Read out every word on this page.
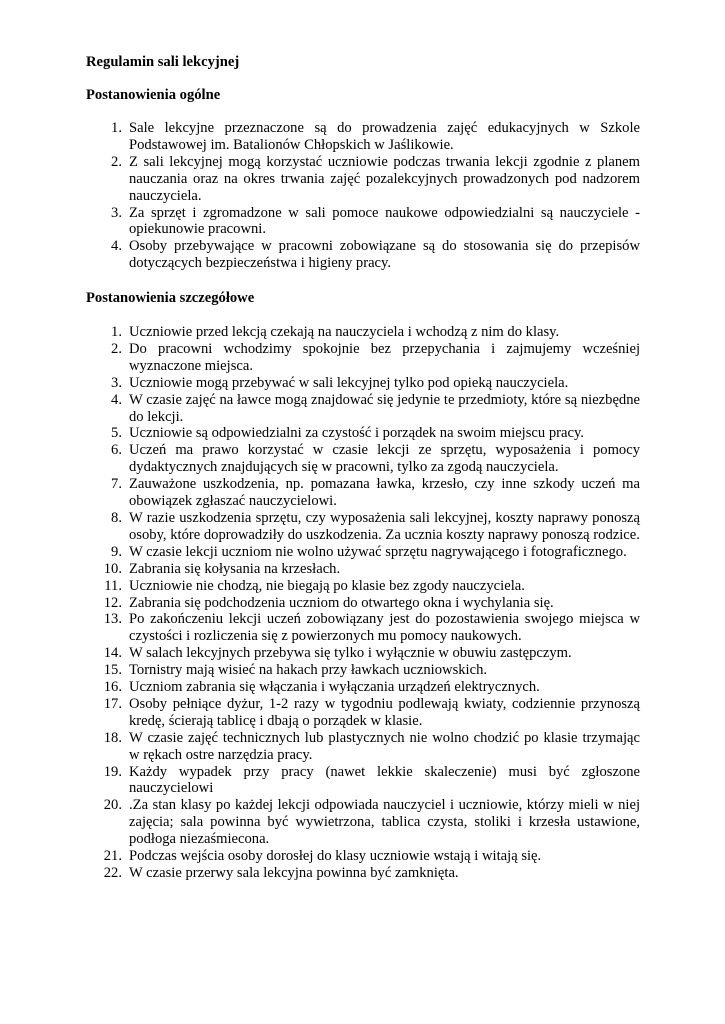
Regulamin sali lekcyjnej
Postanowienia ogólne
1. Sale lekcyjne przeznaczone są do prowadzenia zajęć edukacyjnych w Szkole Podstawowej im. Batalionów Chłopskich w Jaślikowie.
2. Z sali lekcyjnej mogą korzystać uczniowie podczas trwania lekcji zgodnie z planem nauczania oraz na okres trwania zajęć pozalekcyjnych prowadzonych pod nadzorem nauczyciela.
3. Za sprzęt i zgromadzone w sali pomoce naukowe odpowiedzialni są nauczyciele - opiekunowie pracowni.
4. Osoby przebywające w pracowni zobowiązane są do stosowania się do przepisów dotyczących bezpieczeństwa i higieny pracy.
Postanowienia szczegółowe
1. Uczniowie przed lekcją czekają na nauczyciela i wchodzą z nim do klasy.
2. Do pracowni wchodzimy spokojnie bez przepychania i zajmujemy wcześniej wyznaczone miejsca.
3. Uczniowie mogą przebywać w sali lekcyjnej tylko pod opieką nauczyciela.
4. W czasie zajęć na ławce mogą znajdować się jedynie te przedmioty, które są niezbędne do lekcji.
5. Uczniowie są odpowiedzialni za czystość i porządek na swoim miejscu pracy.
6. Uczeń ma prawo korzystać w czasie lekcji ze sprzętu, wyposażenia i pomocy dydaktycznych znajdujących się w pracowni, tylko za zgodą nauczyciela.
7. Zauważone uszkodzenia, np. pomazana ławka, krzesło, czy inne szkody uczeń ma obowiązek zgłaszać nauczycielowi.
8. W razie uszkodzenia sprzętu, czy wyposażenia sali lekcyjnej, koszty naprawy ponoszą osoby, które doprowadziły do uszkodzenia. Za ucznia koszty naprawy ponoszą rodzice.
9. W czasie lekcji uczniom nie wolno używać sprzętu nagrywającego i fotograficznego.
10. Zabrania się kołysania na krzesłach.
11. Uczniowie nie chodzą, nie biegają po klasie bez zgody nauczyciela.
12. Zabrania się podchodzenia uczniom do otwartego okna i wychylania się.
13. Po zakończeniu lekcji uczeń zobowiązany jest do pozostawienia swojego miejsca w czystości i rozliczenia się z powierzonych mu pomocy naukowych.
14. W salach lekcyjnych przebywa się tylko i wyłącznie w obuwiu zastępczym.
15. Tornistry mają wisieć na hakach przy ławkach uczniowskich.
16. Uczniom zabrania się włączania i wyłączania urządzeń elektrycznych.
17. Osoby pełniące dyżur, 1-2 razy w tygodniu podlewają kwiaty, codziennie przynoszą kredę, ścierają tablicę i dbają o porządek w klasie.
18. W czasie zajęć technicznych lub plastycznych nie wolno chodzić po klasie trzymając w rękach ostre narzędzia pracy.
19. Każdy wypadek przy pracy (nawet lekkie skaleczenie) musi być zgłoszone nauczycielowi
20. .Za stan klasy po każdej lekcji odpowiada nauczyciel i uczniowie, którzy mieli w niej zajęcia; sala powinna być wywietrzona, tablica czysta, stoliki i krzesła ustawione, podłoga niezaśmiecona.
21. Podczas wejścia osoby dorosłej do klasy uczniowie wstają i witają się.
22. W czasie przerwy sala lekcyjna powinna być zamknięta.
